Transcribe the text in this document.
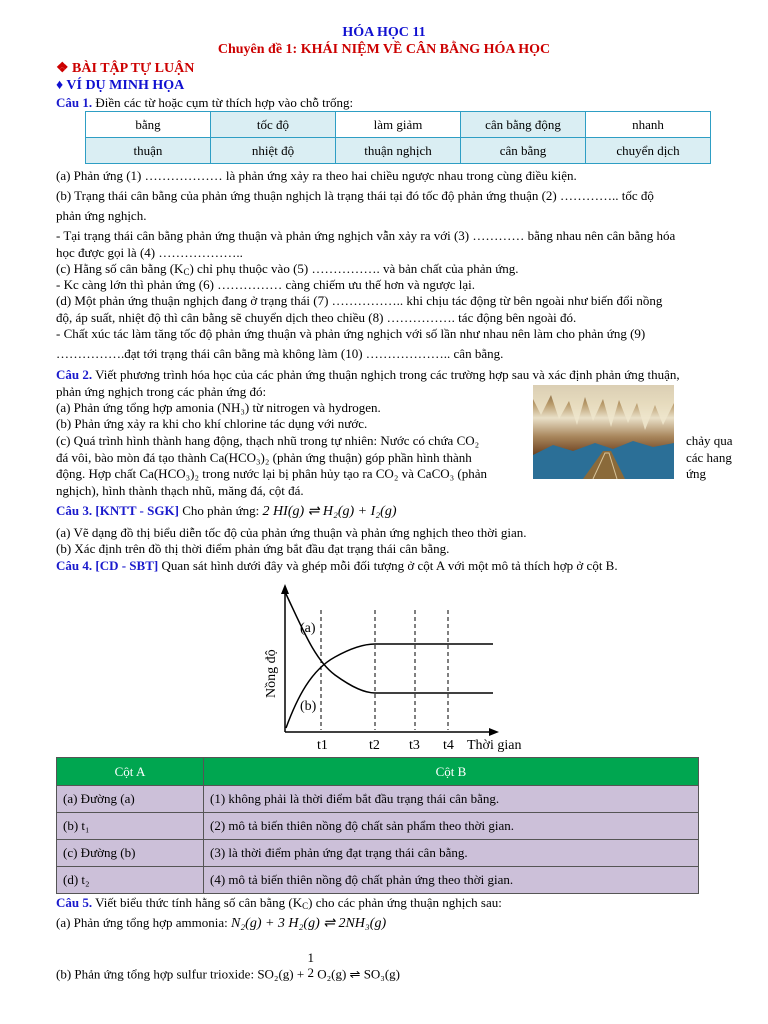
HÓA HỌC 11
Chuyên đề 1: KHÁI NIỆM VỀ CÂN BẰNG HÓA HỌC
❖ BÀI TẬP TỰ LUẬN
♦ VÍ DỤ MINH HỌA
Câu 1. Điền các từ hoặc cụm từ thích hợp vào chỗ trống:
bằng	tốc độ	làm giảm	cân bằng động	nhanh
thuận	nhiệt độ	thuận nghịch	cân bằng	chuyển dịch
(a) Phản ứng (1) ……………… là phản ứng xảy ra theo hai chiều ngược nhau trong cùng điều kiện.
(b) Trạng thái cân bằng của phản ứng thuận nghịch là trạng thái tại đó tốc độ phản ứng thuận (2) ………….. tốc độ
phản ứng nghịch.
- Tại trạng thái cân bằng phản ứng thuận và phản ứng nghịch vẫn xảy ra với (3) ………… bằng nhau nên cân bằng hóa
học được gọi là (4) ………………..
(c) Hằng số cân bằng $(K_C)$ chỉ phụ thuộc vào (5) ……………. và bản chất của phản ứng.
- Kc càng lớn thì phản ứng (6) …………… càng chiếm ưu thế hơn và ngược lại.
(d) Một phản ứng thuận nghịch đang ở trạng thái (7) …………….. khi chịu tác động từ bên ngoài như biến đổi nồng
độ, áp suất, nhiệt độ thì cân bằng sẽ chuyển dịch theo chiều (8) ……………. tác động bên ngoài đó.
- Chất xúc tác làm tăng tốc độ phản ứng thuận và phản ứng nghịch với số lần như nhau nên làm cho phản ứng (9)
…………….đạt tới trạng thái cân bằng mà không làm (10) ……………….. cân bằng.
Câu 2. Viết phương trình hóa học của các phản ứng thuận nghịch trong các trường hợp sau và xác định phản ứng thuận,
phản ứng nghịch trong các phản ứng đó:
(a) Phản ứng tổng hợp amonia (NH₃) từ nitrogen và hydrogen.
(b) Phản ứng xảy ra khi cho khí chlorine tác dụng với nước.
(c) Quá trình hình thành hang động, thạch nhũ trong tự nhiên: Nước có chứa CO₂	chảy qua
đá vôi, bào mòn đá tạo thành Ca(HCO₃)₂ (phản ứng thuận) góp phần hình thành	các hang
động. Hợp chất Ca(HCO₃)₂ trong nước lại bị phân hủy tạo ra CO₂ và CaCO₃ (phản	ứng
nghịch), hình thành thạch nhũ, măng đá, cột đá.
Câu 3. [KNTT - SGK] Cho phản ứng: 2 HI(g) ⇌ H₂(g) + I₂(g)
(a) Vẽ dạng đồ thị biểu diễn tốc độ của phản ứng thuận và phản ứng nghịch theo thời gian.
(b) Xác định trên đồ thị thời điểm phản ứng bắt đầu đạt trạng thái cân bằng.
Câu 4. [CD - SBT] Quan sát hình dưới đây và ghép mỗi đối tượng ở cột A với một mô tả thích hợp ở cột B.
(a)
(b)
Nồng độ
t1	t2 t3 t4 Thời gian
Cột A	Cột B
(a) Đường (a)	(1) không phải là thời điểm bắt đầu trạng thái cân bằng.
(b) t₁	(2) mô tả biến thiên nồng độ chất sản phẩm theo thời gian.
(c) Đường (b)	(3) là thời điểm phản ứng đạt trạng thái cân bằng.
(d) t₂	(4) mô tả biến thiên nồng độ chất phản ứng theo thời gian.
Câu 5. Viết biểu thức tính hằng số cân bằng $(K_C)$ cho các phản ứng thuận nghịch sau:
(a) Phản ứng tổng hợp ammonia: N₂(g) + 3 H₂(g) ⇌ 2NH₃(g)
(b) Phản ứng tổng hợp sulfur trioxide: $SO_2(g) + \frac{1}{2} O_2(g)$ ⇌ SO₃(g)
